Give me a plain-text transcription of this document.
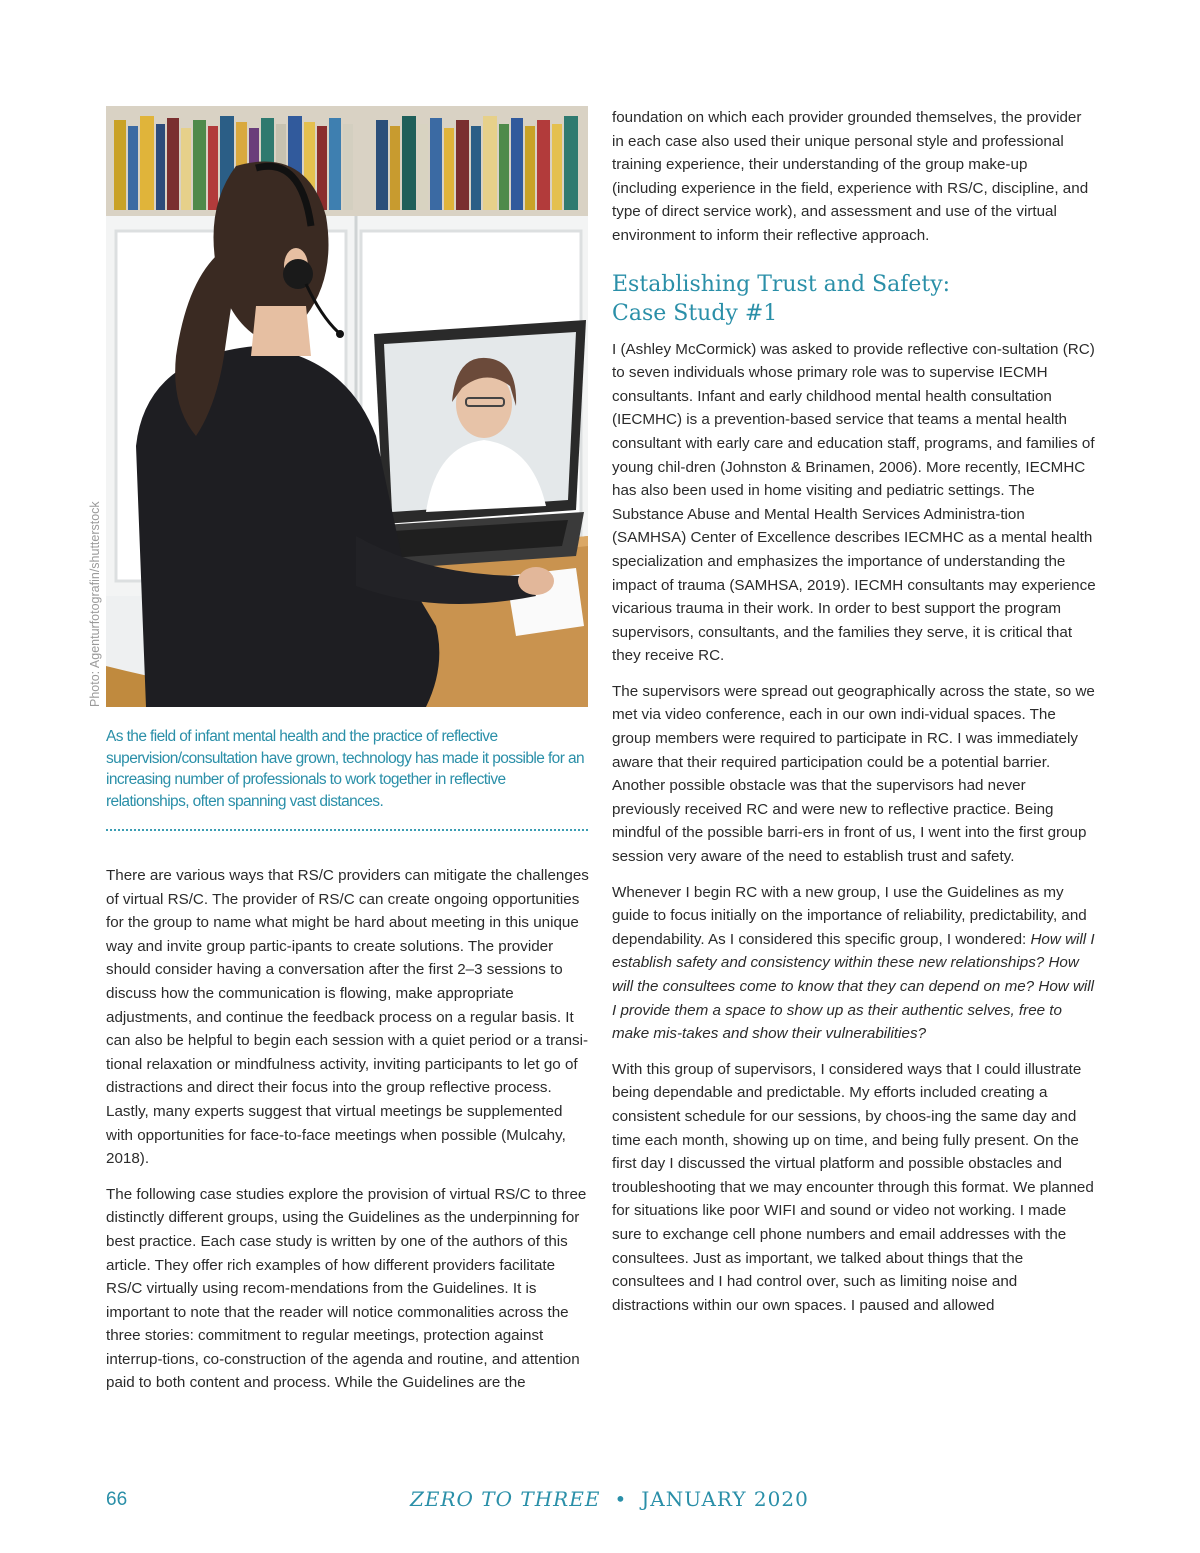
Photo: Agenturfotografin/shutterstock

As the field of infant mental health and the practice of reflective supervision/consultation have grown, technology has made it possible for an increasing number of professionals to work together in reflective relationships, often spanning vast distances.

There are various ways that RS/C providers can mitigate the challenges of virtual RS/C. The provider of RS/C can create ongoing opportunities for the group to name what might be hard about meeting in this unique way and invite group partic-ipants to create solutions. The provider should consider having a conversation after the first 2–3 sessions to discuss how the communication is flowing, make appropriate adjustments, and continue the feedback process on a regular basis. It can also be helpful to begin each session with a quiet period or a transi-tional relaxation or mindfulness activity, inviting participants to let go of distractions and direct their focus into the group reflective process. Lastly, many experts suggest that virtual meetings be supplemented with opportunities for face-to-face meetings when possible (Mulcahy, 2018).

The following case studies explore the provision of virtual RS/C to three distinctly different groups, using the Guidelines as the underpinning for best practice. Each case study is written by one of the authors of this article. They offer rich examples of how different providers facilitate RS/C virtually using recom-mendations from the Guidelines. It is important to note that the reader will notice commonalities across the three stories: commitment to regular meetings, protection against interrup-tions, co-construction of the agenda and routine, and attention paid to both content and process. While the Guidelines are the

foundation on which each provider grounded themselves, the provider in each case also used their unique personal style and professional training experience, their understanding of the group make-up (including experience in the field, experience with RS/C, discipline, and type of direct service work), and assessment and use of the virtual environment to inform their reflective approach.

Establishing Trust and Safety:
Case Study #1

I (Ashley McCormick) was asked to provide reflective con-sultation (RC) to seven individuals whose primary role was to supervise IECMH consultants. Infant and early childhood mental health consultation (IECMHC) is a prevention-based service that teams a mental health consultant with early care and education staff, programs, and families of young chil-dren (Johnston & Brinamen, 2006). More recently, IECMHC has also been used in home visiting and pediatric settings. The Substance Abuse and Mental Health Services Administra-tion (SAMHSA) Center of Excellence describes IECMHC as a mental health specialization and emphasizes the importance of understanding the impact of trauma (SAMHSA, 2019). IECMH consultants may experience vicarious trauma in their work. In order to best support the program supervisors, consultants, and the families they serve, it is critical that they receive RC.

The supervisors were spread out geographically across the state, so we met via video conference, each in our own indi-vidual spaces. The group members were required to participate in RC. I was immediately aware that their required participation could be a potential barrier. Another possible obstacle was that the supervisors had never previously received RC and were new to reflective practice. Being mindful of the possible barri-ers in front of us, I went into the first group session very aware of the need to establish trust and safety.

Whenever I begin RC with a new group, I use the Guidelines as my guide to focus initially on the importance of reliability, predictability, and dependability. As I considered this specific group, I wondered: How will I establish safety and consistency within these new relationships? How will the consultees come to know that they can depend on me? How will I provide them a space to show up as their authentic selves, free to make mis-takes and show their vulnerabilities?

With this group of supervisors, I considered ways that I could illustrate being dependable and predictable. My efforts included creating a consistent schedule for our sessions, by choos-ing the same day and time each month, showing up on time, and being fully present. On the first day I discussed the virtual platform and possible obstacles and troubleshooting that we may encounter through this format. We planned for situations like poor WIFI and sound or video not working. I made sure to exchange cell phone numbers and email addresses with the consultees. Just as important, we talked about things that the consultees and I had control over, such as limiting noise and distractions within our own spaces. I paused and allowed

66	ZERO TO THREE • JANUARY 2020
